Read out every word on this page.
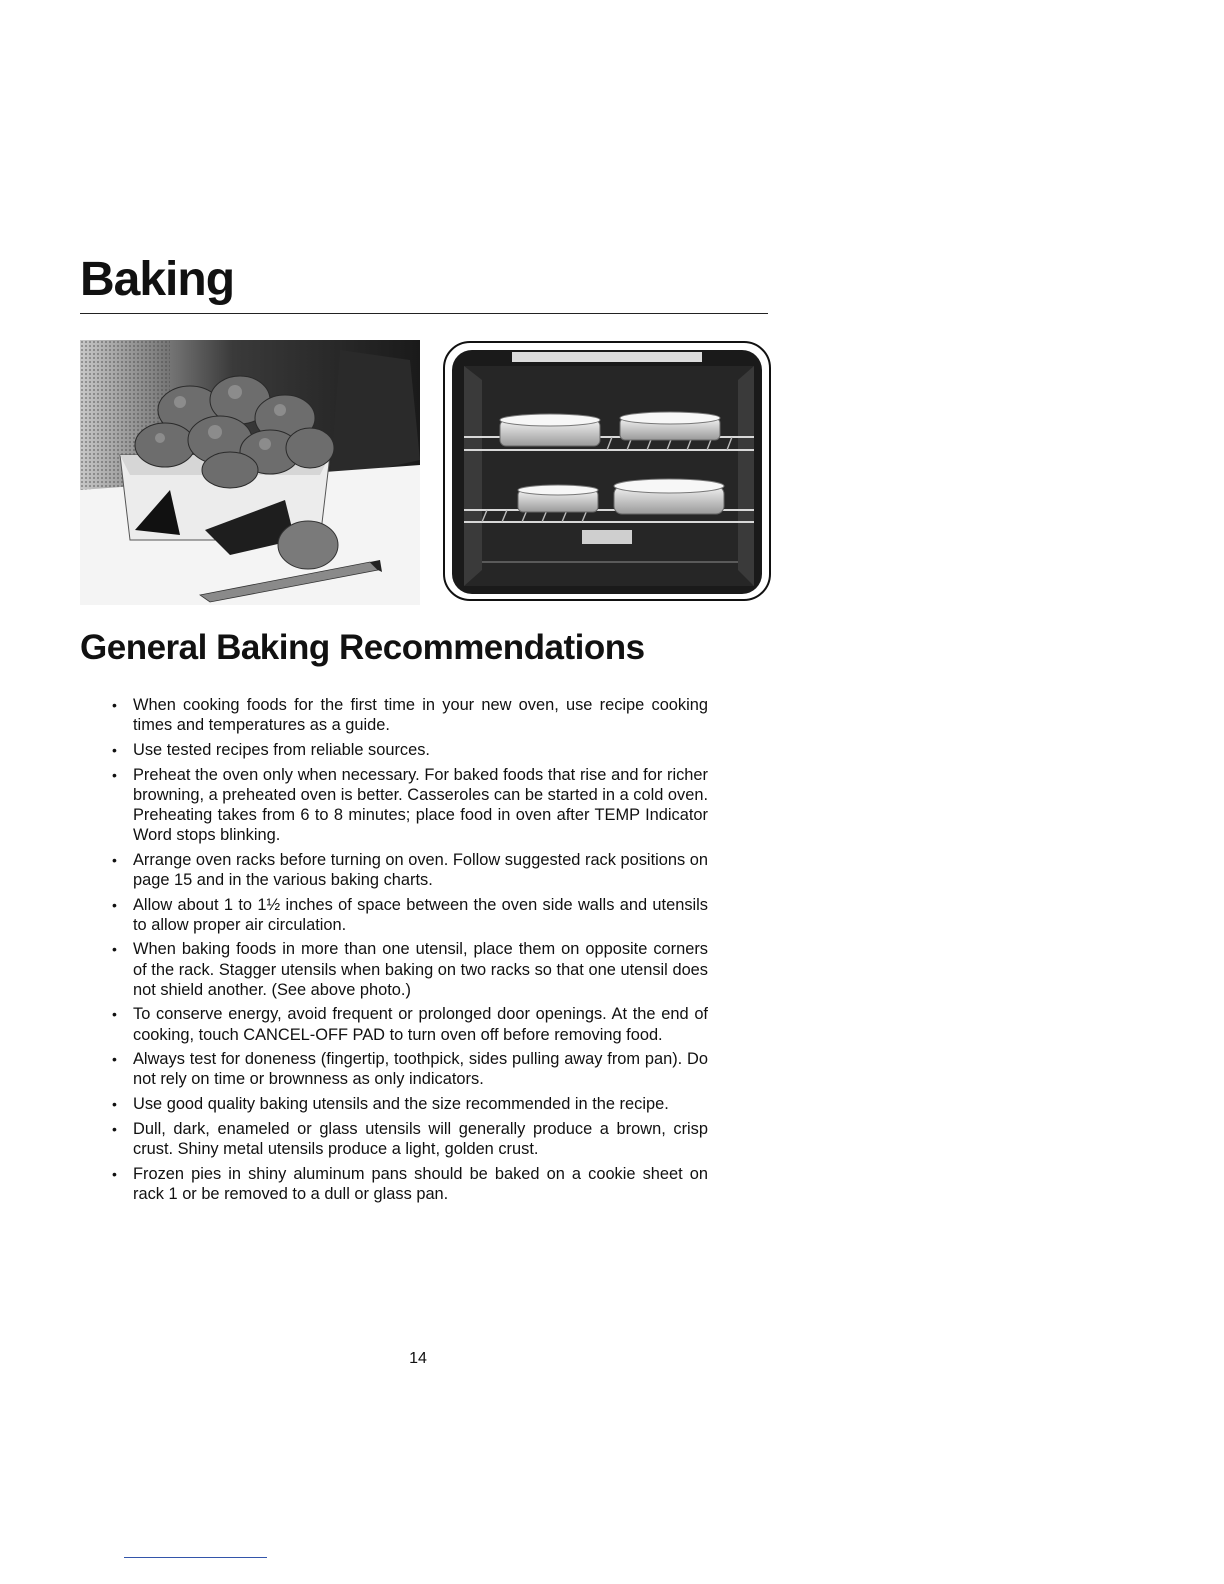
Baking
General Baking Recommendations
• When cooking foods for the first time in your new oven, use recipe cooking times and temperatures as a guide.
• Use tested recipes from reliable sources.
• Preheat the oven only when necessary. For baked foods that rise and for richer browning, a preheated oven is better. Casseroles can be started in a cold oven. Preheating takes from 6 to 8 minutes; place food in oven after TEMP Indicator Word stops blinking.
• Arrange oven racks before turning on oven. Follow suggested rack positions on page 15 and in the various baking charts.
• Allow about 1 to 1½ inches of space between the oven side walls and utensils to allow proper air circulation.
• When baking foods in more than one utensil, place them on opposite corners of the rack. Stagger utensils when baking on two racks so that one utensil does not shield another. (See above photo.)
• To conserve energy, avoid frequent or prolonged door openings. At the end of cooking, touch CANCEL-OFF PAD to turn oven off before removing food.
• Always test for doneness (fingertip, toothpick, sides pulling away from pan). Do not rely on time or brownness as only indicators.
• Use good quality baking utensils and the size recommended in the recipe.
• Dull, dark, enameled or glass utensils will generally produce a brown, crisp crust. Shiny metal utensils produce a light, golden crust.
• Frozen pies in shiny aluminum pans should be baked on a cookie sheet on rack 1 or be removed to a dull or glass pan.
14
